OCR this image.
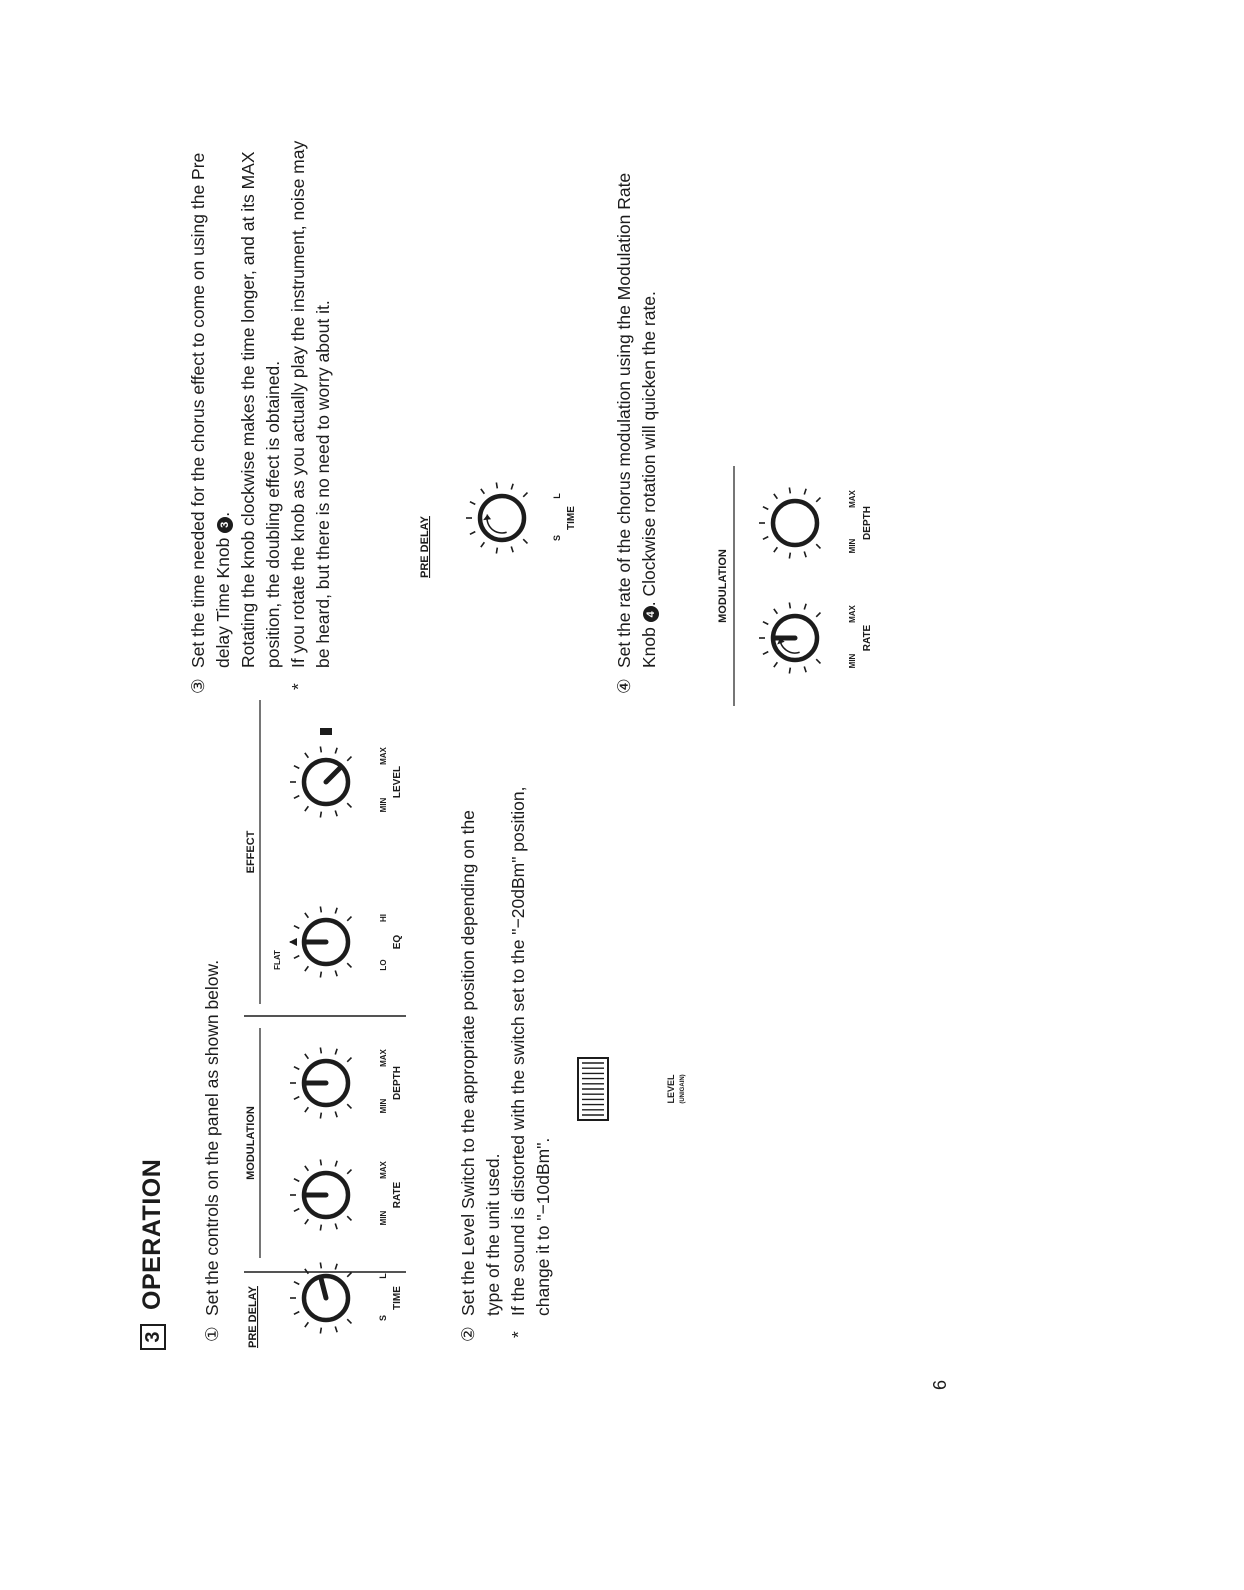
3
OPERATION
①
Set the controls on the panel as shown below.
PRE DELAY
MODULATION
EFFECT
S
L
TIME
MIN
MAX
RATE
MIN
MAX
DEPTH
FLAT	LO
HI
EQ
MIN
MAX
LEVEL
②
Set the Level Switch to the appropriate position depending on the type of the unit used.
*
If the sound is distorted with the switch set to the "−20dBm" position, change it to "−10dBm".
LEVEL (UNIGAIN)
③
Set the time needed for the chorus effect to come on using the Pre delay Time Knob 3. Rotating the knob clockwise makes the time longer, and at its MAX position, the doubling effect is obtained.
*
If you rotate the knob as you actually play the instrument, noise may be heard, but there is no need to worry about it.	PRE DELAY	S
L
TIME
④
Set the rate of the chorus modulation using the Modulation Rate Knob 4. Clockwise rotation will quicken the rate.	MODULATION
MIN
MAX
RATE
MIN
MAX
DEPTH
6
